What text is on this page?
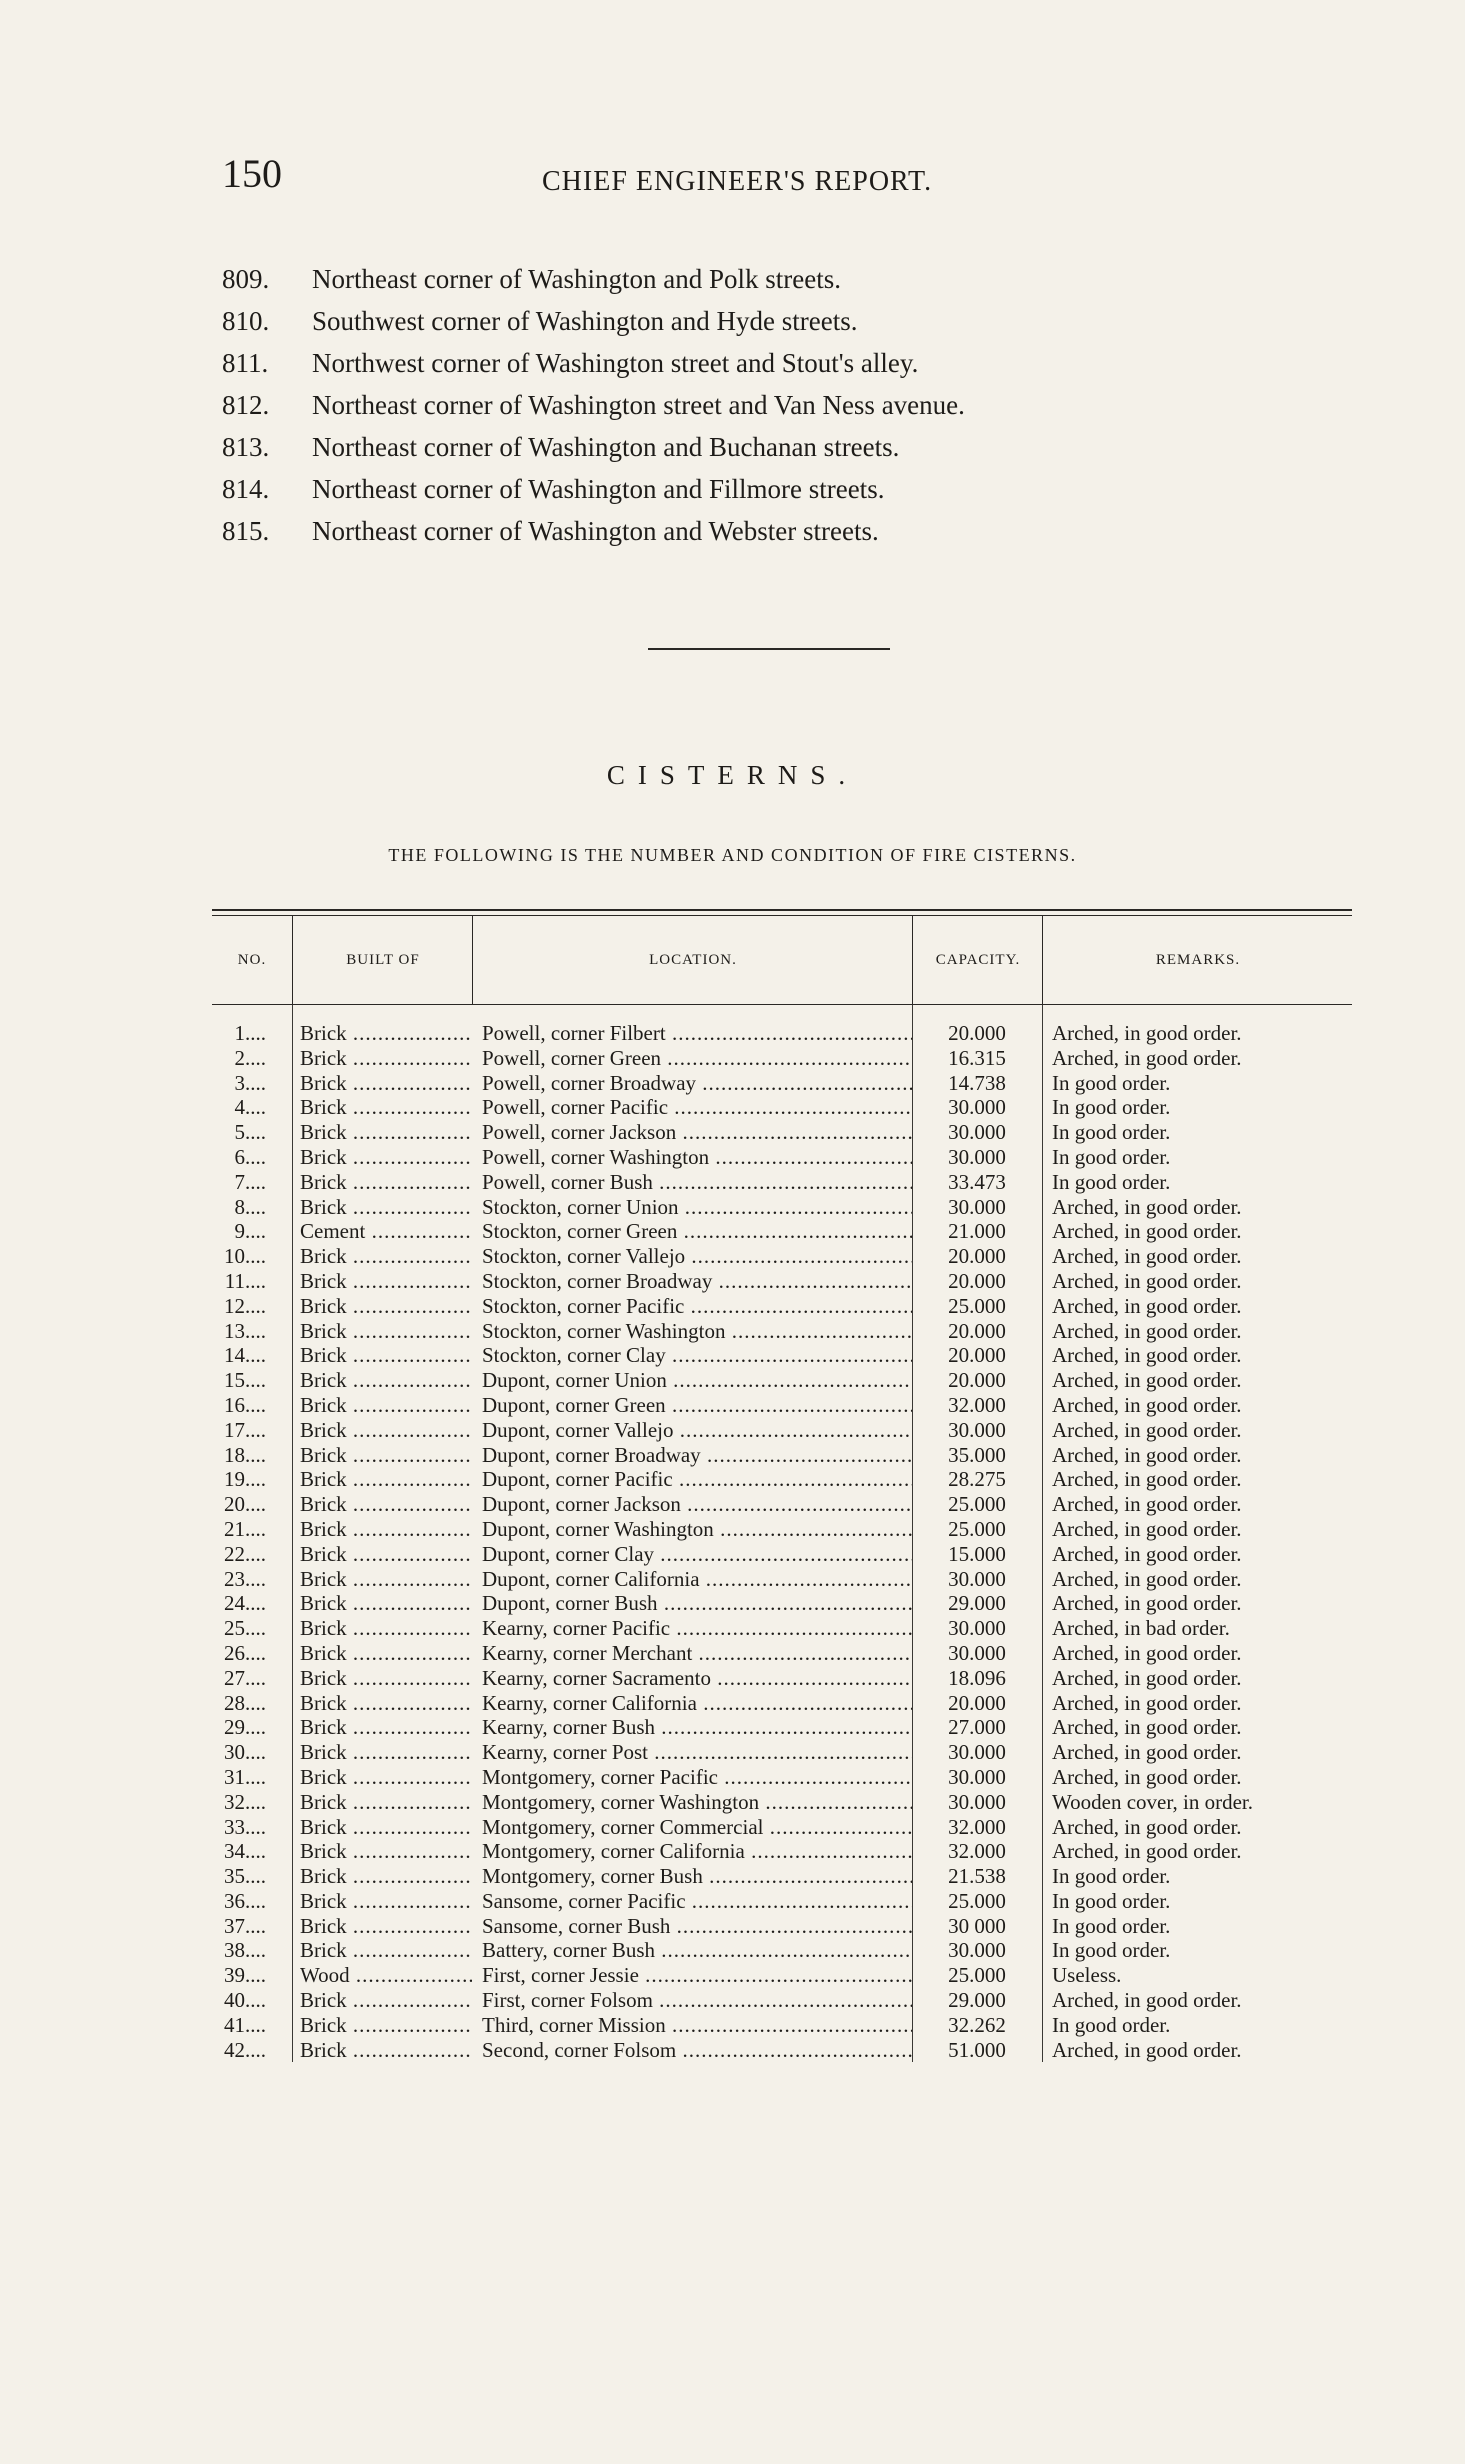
150	CHIEF ENGINEER'S REPORT.
809.	Northeast corner of Washington and Polk streets.
810.	Southwest corner of Washington and Hyde streets.
811.	Northwest corner of Washington street and Stout's alley.
812.	Northeast corner of Washington street and Van Ness avenue.
813.	Northeast corner of Washington and Buchanan streets.
814.	Northeast corner of Washington and Fillmore streets.
815.	Northeast corner of Washington and Webster streets.
CISTERNS.
THE FOLLOWING IS THE NUMBER AND CONDITION OF FIRE CISTERNS.
NO.	BUILT OF	LOCATION.	CAPACITY.	REMARKS.
1 ....	Brick .....	Powell, corner Filbert .....	20.000	Arched, in good order.
2 ....	Brick .....	Powell, corner Green .....	16.315	Arched, in good order.
3 ....	Brick .....	Powell, corner Broadway .....	14.738	In good order.
4 ....	Brick .....	Powell, corner Pacific .....	30.000	In good order.
5 ....	Brick .....	Powell, corner Jackson .....	30.000	In good order.
6 ....	Brick .....	Powell, corner Washington .....	30.000	In good order.
7 ....	Brick .....	Powell, corner Bush .....	33.473	In good order.
8 ....	Brick .....	Stockton, corner Union .....	30.000	Arched, in good order.
9 ....	Cement .....	Stockton, corner Green .....	21.000	Arched, in good order.
10 ....	Brick .....	Stockton, corner Vallejo .....	20.000	Arched, in good order.
11 ....	Brick .....	Stockton, corner Broadway .....	20.000	Arched, in good order.
12 ....	Brick .....	Stockton, corner Pacific .....	25.000	Arched, in good order.
13 ....	Brick .....	Stockton, corner Washington .....	20.000	Arched, in good order.
14 ....	Brick .....	Stockton, corner Clay .....	20.000	Arched, in good order.
15 ....	Brick .....	Dupont, corner Union .....	20.000	Arched, in good order.
16 ....	Brick .....	Dupont, corner Green .....	32.000	Arched, in good order.
17 ....	Brick .....	Dupont, corner Vallejo .....	30.000	Arched, in good order.
18 ....	Brick .....	Dupont, corner Broadway .....	35.000	Arched, in good order.
19 ....	Brick .....	Dupont, corner Pacific .....	28.275	Arched, in good order.
20 ....	Brick .....	Dupont, corner Jackson .....	25.000	Arched, in good order.
21 ....	Brick .....	Dupont, corner Washington .....	25.000	Arched, in good order.
22 ....	Brick .....	Dupont, corner Clay .....	15.000	Arched, in good order.
23 ....	Brick .....	Dupont, corner California .....	30.000	Arched, in good order.
24 ....	Brick .....	Dupont, corner Bush .....	29.000	Arched, in good order.
25 ....	Brick .....	Kearny, corner Pacific .....	30.000	Arched, in bad order.
26 ....	Brick .....	Kearny, corner Merchant .....	30.000	Arched, in good order.
27 ....	Brick .....	Kearny, corner Sacramento .....	18.096	Arched, in good order.
28 ....	Brick .....	Kearny, corner California .....	20.000	Arched, in good order.
29 ....	Brick .....	Kearny, corner Bush .....	27.000	Arched, in good order.
30 ....	Brick .....	Kearny, corner Post .....	30.000	Arched, in good order.
31 ....	Brick .....	Montgomery, corner Pacific .....	30.000	Arched, in good order.
32 ....	Brick .....	Montgomery, corner Washington .....	30.000	Wooden cover, in order.
33 ....	Brick .....	Montgomery, corner Commercial .....	32.000	Arched, in good order.
34 ....	Brick .....	Montgomery, corner California .....	32.000	Arched, in good order.
35 ....	Brick .....	Montgomery, corner Bush .....	21.538	In good order.
36 ....	Brick .....	Sansome, corner Pacific .....	25.000	In good order.
37 ....	Brick .....	Sansome, corner Bush .....	30 000	In good order.
38 ....	Brick .....	Battery, corner Bush .....	30.000	In good order.
39 ....	Wood .....	First, corner Jessie .....	25.000	Useless.
40 ....	Brick .....	First, corner Folsom .....	29.000	Arched, in good order.
41 ....	Brick .....	Third, corner Mission .....	32.262	In good order.
42 ....	Brick .....	Second, corner Folsom .....	51.000	Arched, in good order.
